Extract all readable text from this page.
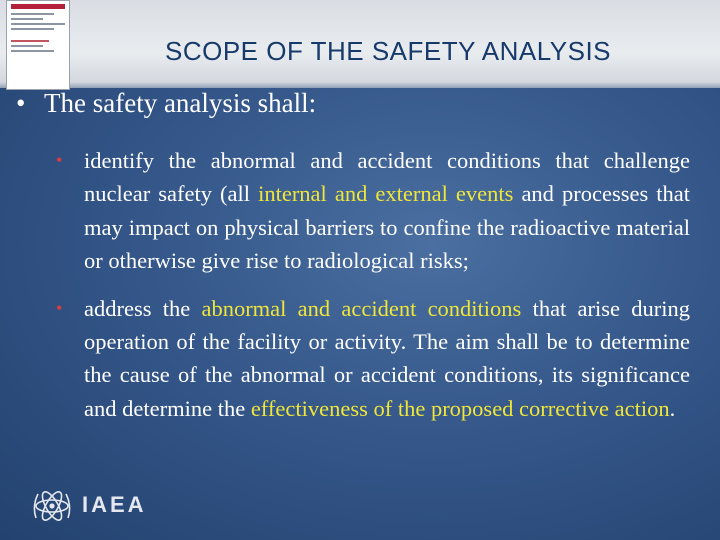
SCOPE OF THE SAFETY ANALYSIS
• The safety analysis shall:
• identify the abnormal and accident conditions that challenge nuclear safety (all internal and external events and processes that may impact on physical barriers to confine the radioactive material or otherwise give rise to radiological risks;
• address the abnormal and accident conditions that arise during operation of the facility or activity. The aim shall be to determine the cause of the abnormal or accident conditions, its significance and determine the effectiveness of the proposed corrective action.
IAEA
